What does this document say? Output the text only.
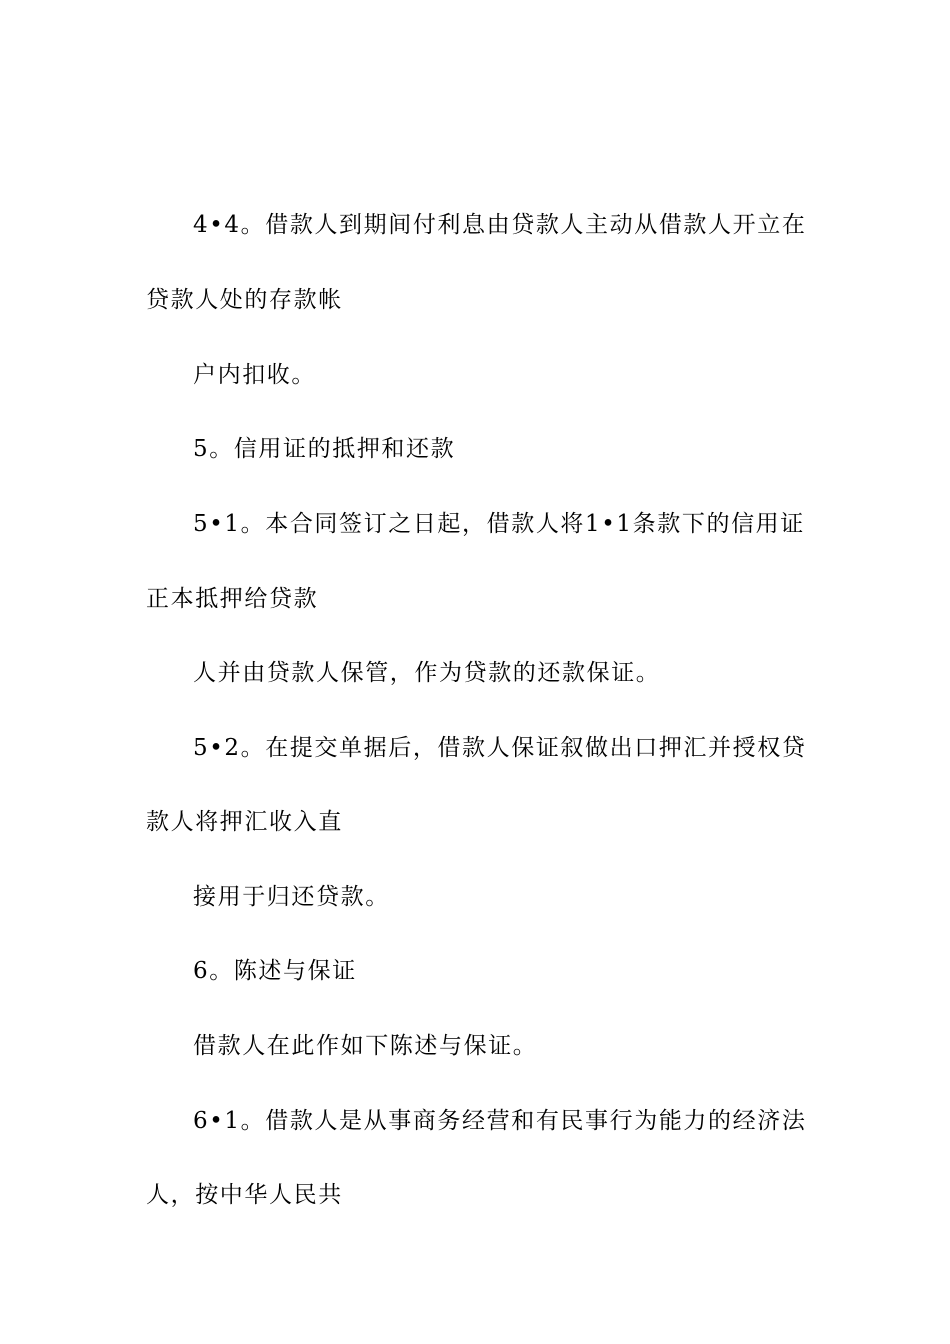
4•4。借款人到期间付利息由贷款人主动从借款人开立在
贷款人处的存款帐
户内扣收。
5。信用证的抵押和还款
5•1。本合同签订之日起，借款人将1•1条款下的信用证
正本抵押给贷款
人并由贷款人保管，作为贷款的还款保证。
5•2。在提交单据后，借款人保证叙做出口押汇并授权贷
款人将押汇收入直
接用于归还贷款。
6。陈述与保证
借款人在此作如下陈述与保证。
6•1。借款人是从事商务经营和有民事行为能力的经济法
人，按中华人民共
